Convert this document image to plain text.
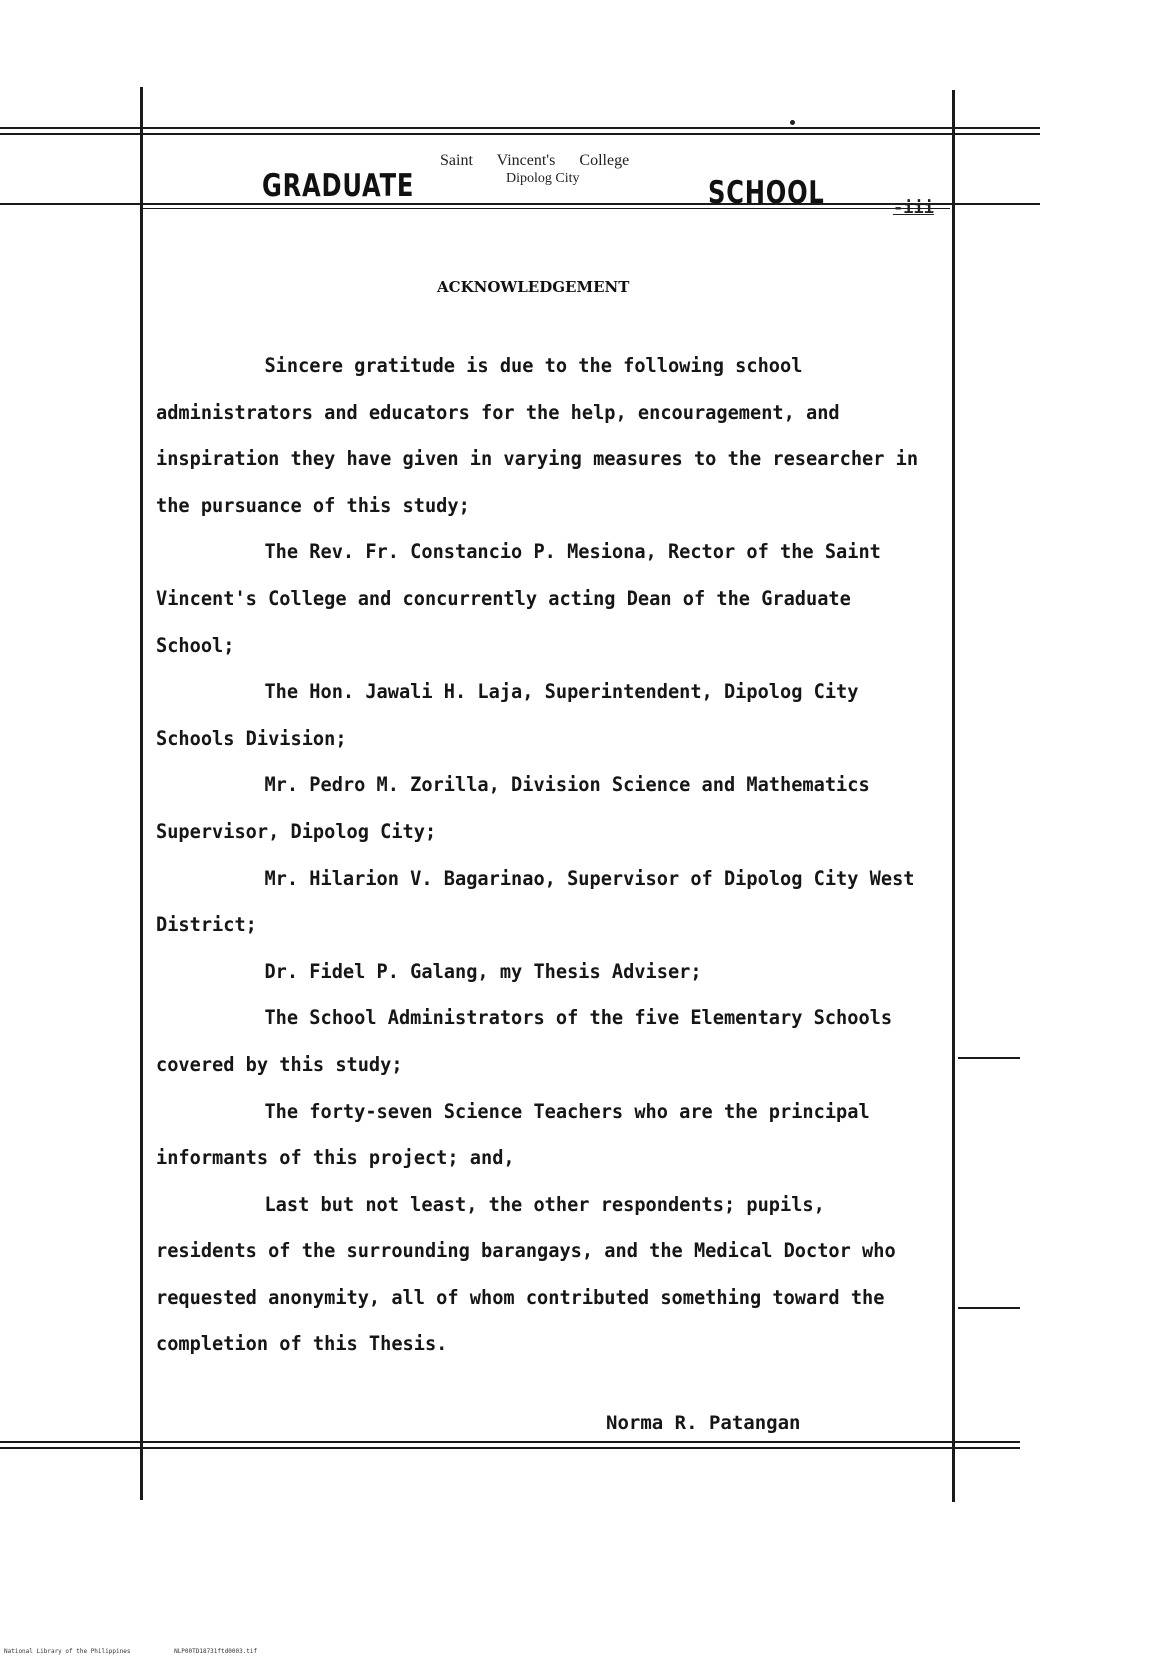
GRADUATE
Saint Vincent's College
Dipolog City	SCHOOL	-iii
ACKNOWLEDGEMENT

Sincere gratitude is due to the following school administrators and educators for the help, encouragement, and inspiration they have given in varying measures to the researcher in the pursuance of this study;

The Rev. Fr. Constancio P. Mesiona, Rector of the Saint Vincent's College and concurrently acting Dean of the Graduate School;

The Hon. Jawali H. Laja, Superintendent, Dipolog City Schools Division;

Mr. Pedro M. Zorilla, Division Science and Mathematics Supervisor, Dipolog City;

Mr. Hilarion V. Bagarinao, Supervisor of Dipolog City West District;

Dr. Fidel P. Galang, my Thesis Adviser;

The School Administrators of the five Elementary Schools covered by this study;

The forty-seven Science Teachers who are the principal informants of this project; and,

Last but not least, the other respondents; pupils, residents of the surrounding barangays, and the Medical Doctor who requested anonymity, all of whom contributed something toward the completion of this Thesis.

Norma R. Patangan
National Library of the Philippines	NLP00TD18731ftd0003.tif
